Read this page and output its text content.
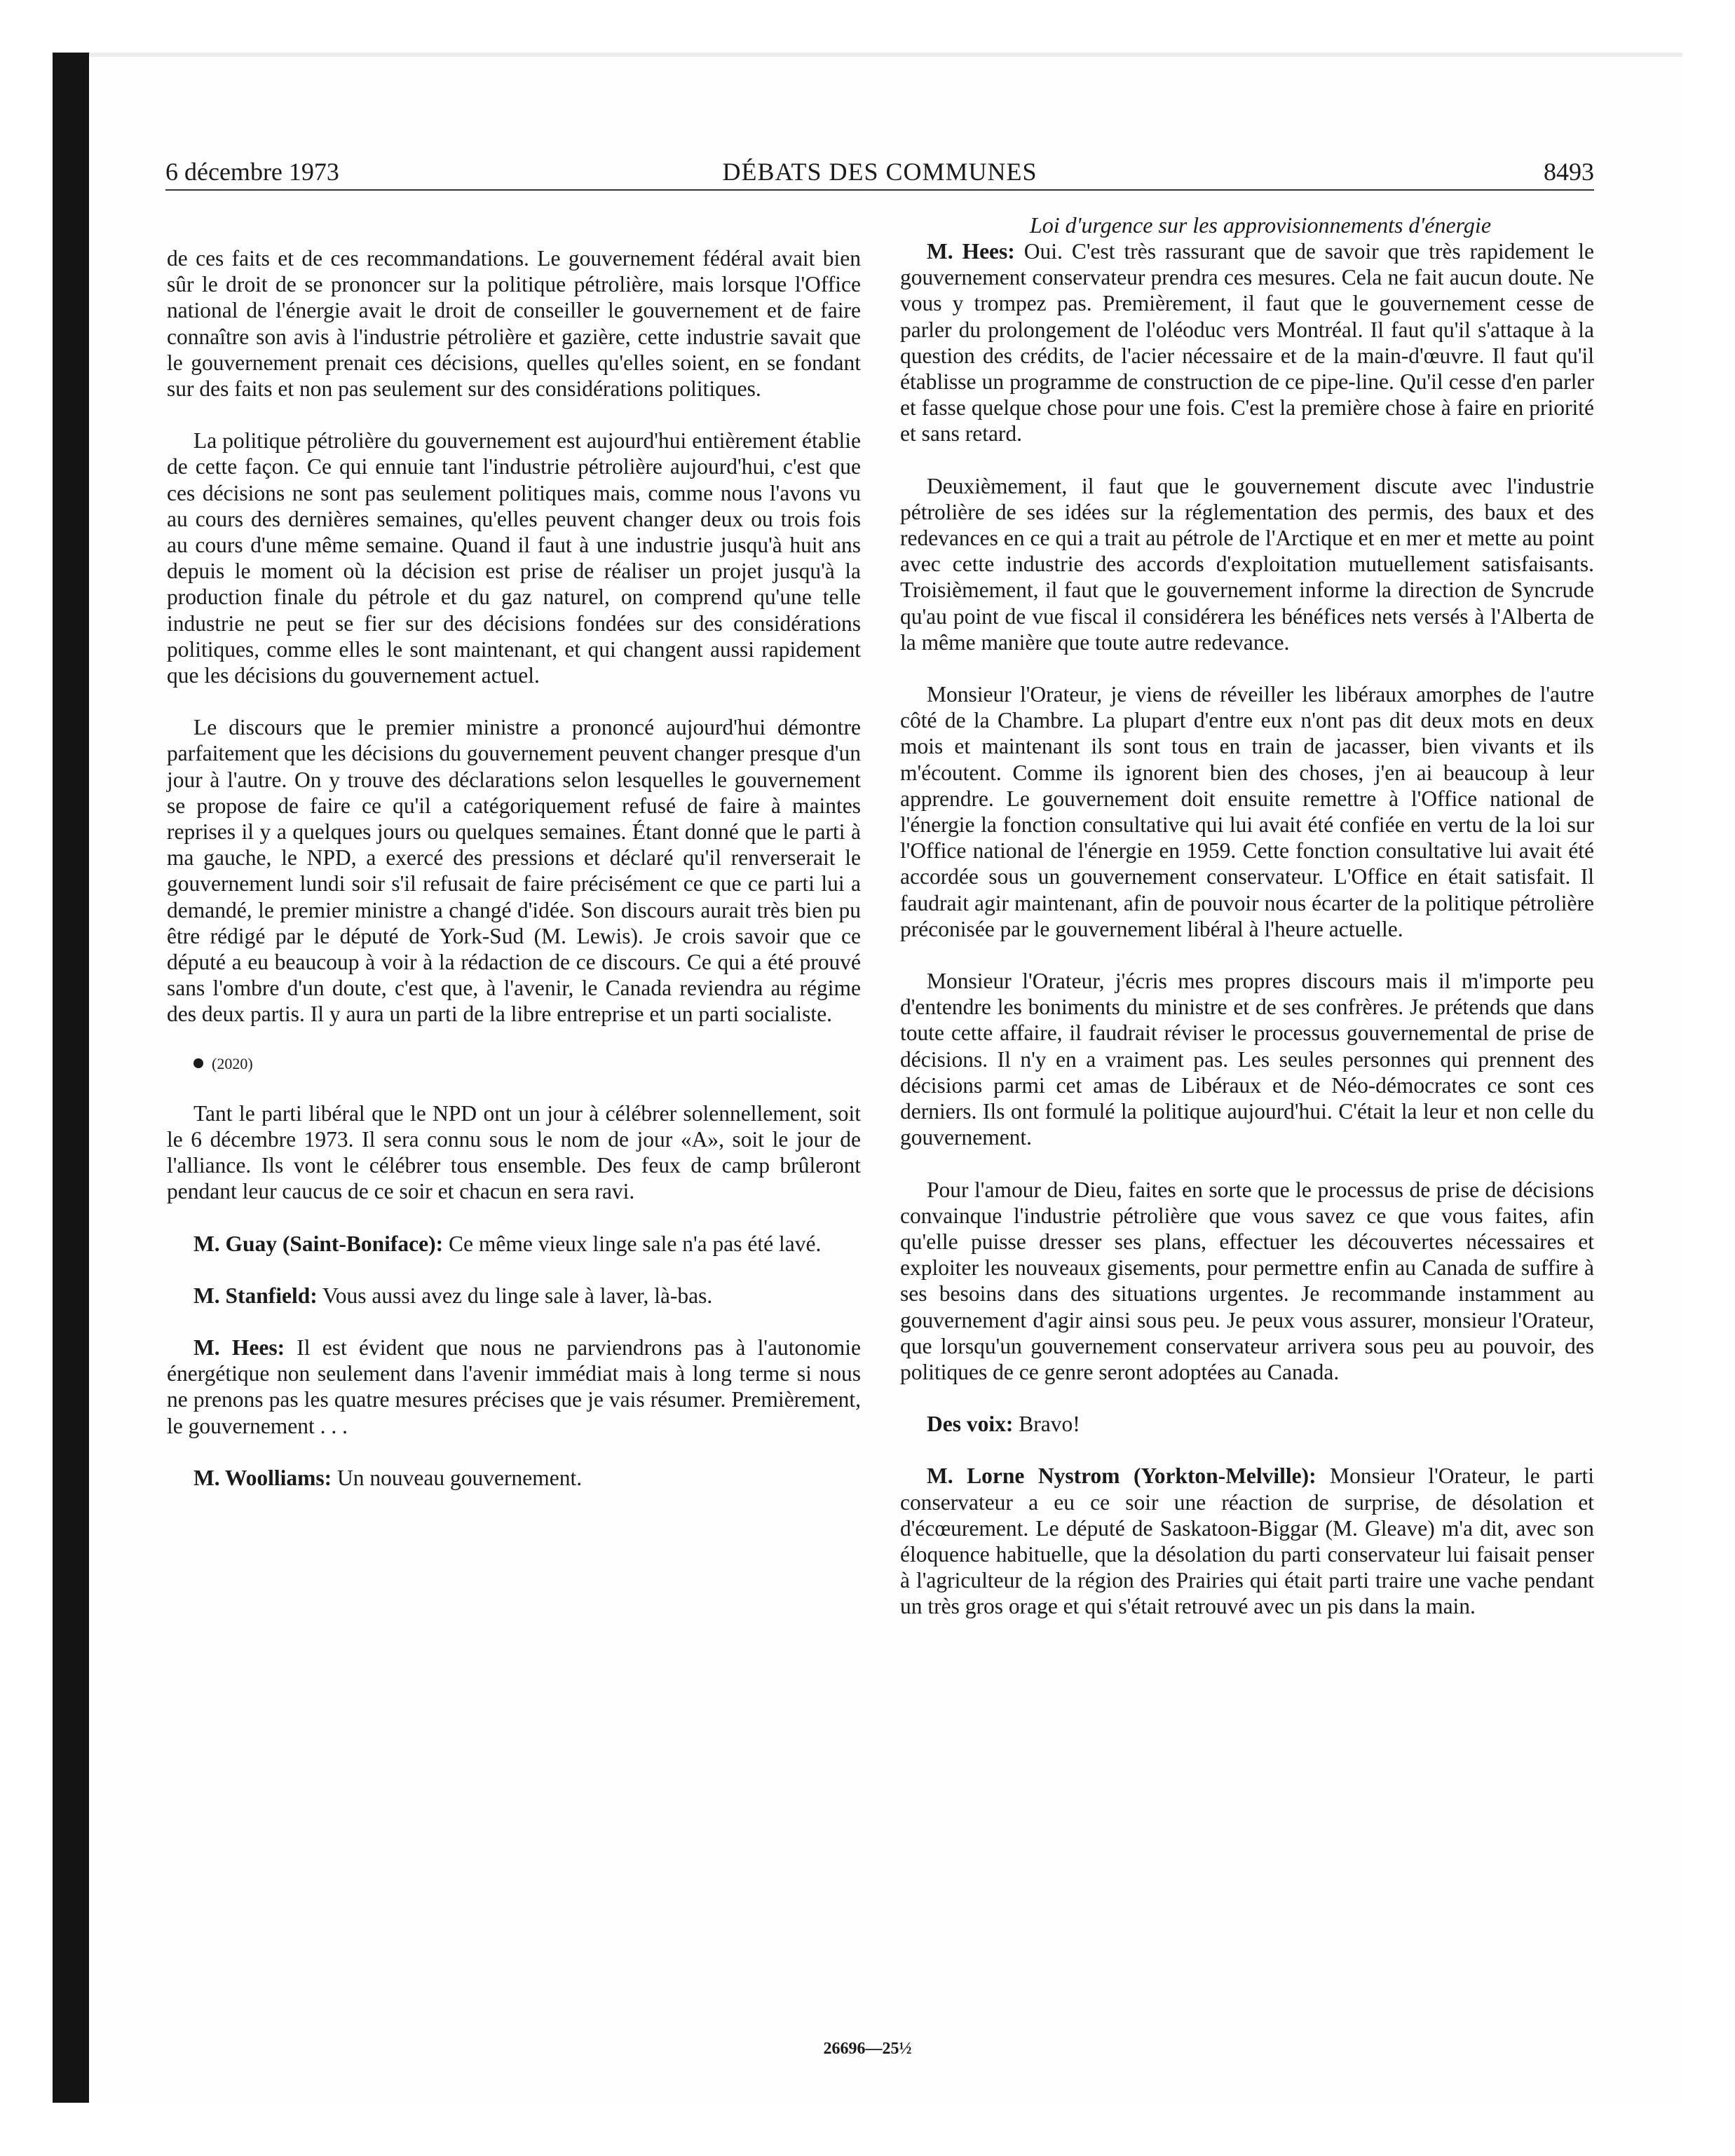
6 décembre 1973	DÉBATS DES COMMUNES	8493

de ces faits et de ces recommandations. Le gouvernement fédéral avait bien sûr le droit de se prononcer sur la politique pétrolière, mais lorsque l'Office national de l'énergie avait le droit de conseiller le gouvernement et de faire connaître son avis à l'industrie pétrolière et gazière, cette industrie savait que le gouvernement prenait ces décisions, quelles qu'elles soient, en se fondant sur des faits et non pas seulement sur des considérations politiques.

La politique pétrolière du gouvernement est aujourd'hui entièrement établie de cette façon. Ce qui ennuie tant l'industrie pétrolière aujourd'hui, c'est que ces décisions ne sont pas seulement politiques mais, comme nous l'avons vu au cours des dernières semaines, qu'elles peuvent changer deux ou trois fois au cours d'une même semaine. Quand il faut à une industrie jusqu'à huit ans depuis le moment où la décision est prise de réaliser un projet jusqu'à la production finale du pétrole et du gaz naturel, on comprend qu'une telle industrie ne peut se fier sur des décisions fondées sur des considérations politiques, comme elles le sont maintenant, et qui changent aussi rapidement que les décisions du gouvernement actuel.

Le discours que le premier ministre a prononcé aujourd'hui démontre parfaitement que les décisions du gouvernement peuvent changer presque d'un jour à l'autre. On y trouve des déclarations selon lesquelles le gouvernement se propose de faire ce qu'il a catégoriquement refusé de faire à maintes reprises il y a quelques jours ou quelques semaines. Étant donné que le parti à ma gauche, le NPD, a exercé des pressions et déclaré qu'il renverserait le gouvernement lundi soir s'il refusait de faire précisément ce que ce parti lui a demandé, le premier ministre a changé d'idée. Son discours aurait très bien pu être rédigé par le député de York-Sud (M. Lewis). Je crois savoir que ce député a eu beaucoup à voir à la rédaction de ce discours. Ce qui a été prouvé sans l'ombre d'un doute, c'est que, à l'avenir, le Canada reviendra au régime des deux partis. Il y aura un parti de la libre entreprise et un parti socialiste.

(2020)

Tant le parti libéral que le NPD ont un jour à célébrer solennellement, soit le 6 décembre 1973. Il sera connu sous le nom de jour «A», soit le jour de l'alliance. Ils vont le célébrer tous ensemble. Des feux de camp brûleront pendant leur caucus de ce soir et chacun en sera ravi.

M. Guay (Saint-Boniface): Ce même vieux linge sale n'a pas été lavé.

M. Stanfield: Vous aussi avez du linge sale à laver, là-bas.

M. Hees: Il est évident que nous ne parviendrons pas à l'autonomie énergétique non seulement dans l'avenir immédiat mais à long terme si nous ne prenons pas les quatre mesures précises que je vais résumer. Premièrement, le gouvernement . . .

M. Woolliams: Un nouveau gouvernement.

Loi d'urgence sur les approvisionnements d'énergie

M. Hees: Oui. C'est très rassurant que de savoir que très rapidement le gouvernement conservateur prendra ces mesures. Cela ne fait aucun doute. Ne vous y trompez pas. Premièrement, il faut que le gouvernement cesse de parler du prolongement de l'oléoduc vers Montréal. Il faut qu'il s'attaque à la question des crédits, de l'acier nécessaire et de la main-d'œuvre. Il faut qu'il établisse un programme de construction de ce pipe-line. Qu'il cesse d'en parler et fasse quelque chose pour une fois. C'est la première chose à faire en priorité et sans retard.

Deuxièmement, il faut que le gouvernement discute avec l'industrie pétrolière de ses idées sur la réglementation des permis, des baux et des redevances en ce qui a trait au pétrole de l'Arctique et en mer et mette au point avec cette industrie des accords d'exploitation mutuellement satisfaisants. Troisièmement, il faut que le gouvernement informe la direction de Syncrude qu'au point de vue fiscal il considérera les bénéfices nets versés à l'Alberta de la même manière que toute autre redevance.

Monsieur l'Orateur, je viens de réveiller les libéraux amorphes de l'autre côté de la Chambre. La plupart d'entre eux n'ont pas dit deux mots en deux mois et maintenant ils sont tous en train de jacasser, bien vivants et ils m'écoutent. Comme ils ignorent bien des choses, j'en ai beaucoup à leur apprendre. Le gouvernement doit ensuite remettre à l'Office national de l'énergie la fonction consultative qui lui avait été confiée en vertu de la loi sur l'Office national de l'énergie en 1959. Cette fonction consultative lui avait été accordée sous un gouvernement conservateur. L'Office en était satisfait. Il faudrait agir maintenant, afin de pouvoir nous écarter de la politique pétrolière préconisée par le gouvernement libéral à l'heure actuelle.

Monsieur l'Orateur, j'écris mes propres discours mais il m'importe peu d'entendre les boniments du ministre et de ses confrères. Je prétends que dans toute cette affaire, il faudrait réviser le processus gouvernemental de prise de décisions. Il n'y en a vraiment pas. Les seules personnes qui prennent des décisions parmi cet amas de Libéraux et de Néo-démocrates ce sont ces derniers. Ils ont formulé la politique aujourd'hui. C'était la leur et non celle du gouvernement.

Pour l'amour de Dieu, faites en sorte que le processus de prise de décisions convainque l'industrie pétrolière que vous savez ce que vous faites, afin qu'elle puisse dresser ses plans, effectuer les découvertes nécessaires et exploiter les nouveaux gisements, pour permettre enfin au Canada de suffire à ses besoins dans des situations urgentes. Je recommande instamment au gouvernement d'agir ainsi sous peu. Je peux vous assurer, monsieur l'Orateur, que lorsqu'un gouvernement conservateur arrivera sous peu au pouvoir, des politiques de ce genre seront adoptées au Canada.

Des voix: Bravo!

M. Lorne Nystrom (Yorkton-Melville): Monsieur l'Orateur, le parti conservateur a eu ce soir une réaction de surprise, de désolation et d'écœurement. Le député de Saskatoon-Biggar (M. Gleave) m'a dit, avec son éloquence habituelle, que la désolation du parti conservateur lui faisait penser à l'agriculteur de la région des Prairies qui était parti traire une vache pendant un très gros orage et qui s'était retrouvé avec un pis dans la main.

26696—25½
